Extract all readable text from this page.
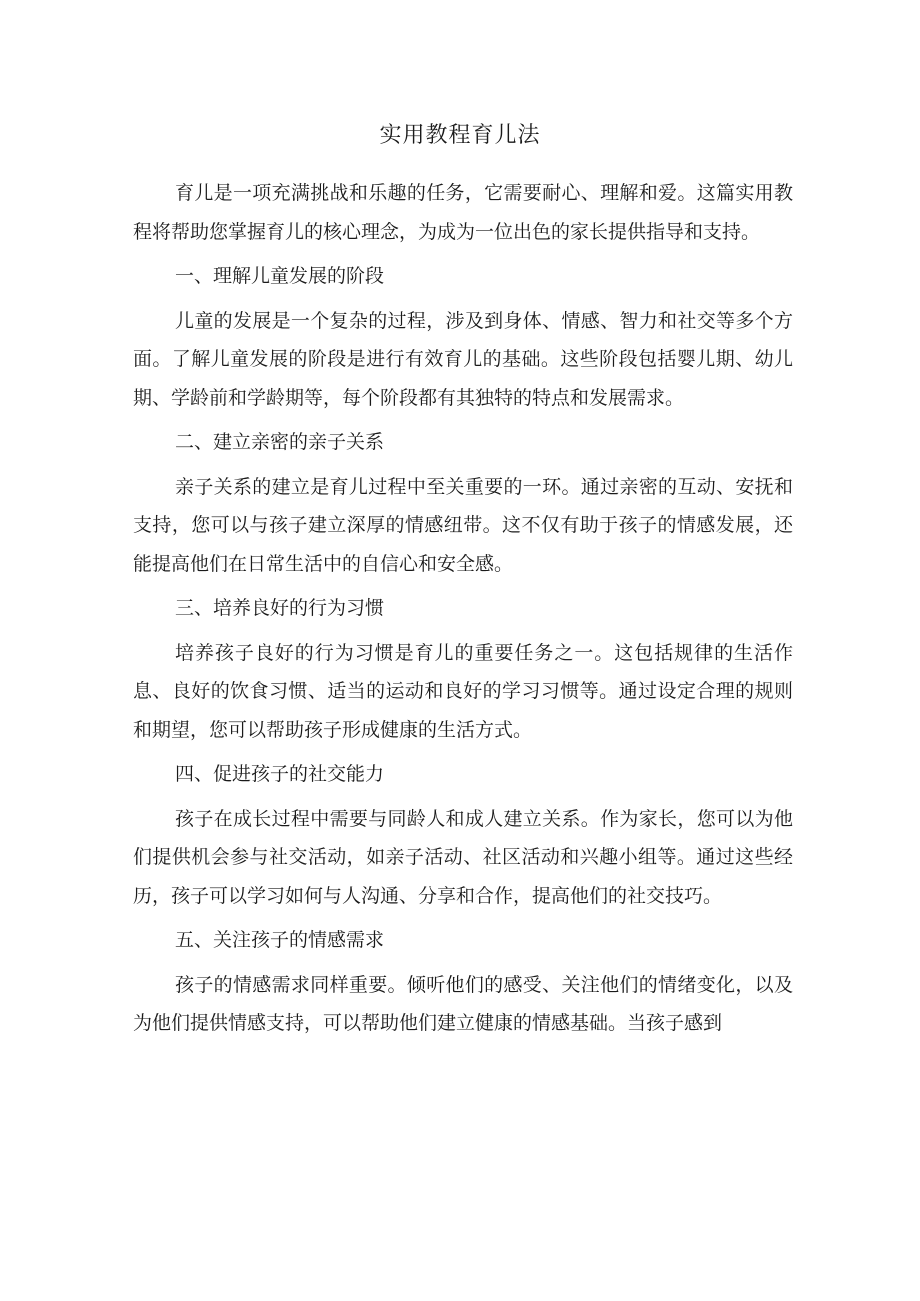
实用教程育儿法

育儿是一项充满挑战和乐趣的任务，它需要耐心、理解和爱。这篇实用教程将帮助您掌握育儿的核心理念，为成为一位出色的家长提供指导和支持。

一、理解儿童发展的阶段

儿童的发展是一个复杂的过程，涉及到身体、情感、智力和社交等多个方面。了解儿童发展的阶段是进行有效育儿的基础。这些阶段包括婴儿期、幼儿期、学龄前和学龄期等，每个阶段都有其独特的特点和发展需求。

二、建立亲密的亲子关系

亲子关系的建立是育儿过程中至关重要的一环。通过亲密的互动、安抚和支持，您可以与孩子建立深厚的情感纽带。这不仅有助于孩子的情感发展，还能提高他们在日常生活中的自信心和安全感。

三、培养良好的行为习惯

培养孩子良好的行为习惯是育儿的重要任务之一。这包括规律的生活作息、良好的饮食习惯、适当的运动和良好的学习习惯等。通过设定合理的规则和期望，您可以帮助孩子形成健康的生活方式。

四、促进孩子的社交能力

孩子在成长过程中需要与同龄人和成人建立关系。作为家长，您可以为他们提供机会参与社交活动，如亲子活动、社区活动和兴趣小组等。通过这些经历，孩子可以学习如何与人沟通、分享和合作，提高他们的社交技巧。

五、关注孩子的情感需求

孩子的情感需求同样重要。倾听他们的感受、关注他们的情绪变化，以及为他们提供情感支持，可以帮助他们建立健康的情感基础。当孩子感到
